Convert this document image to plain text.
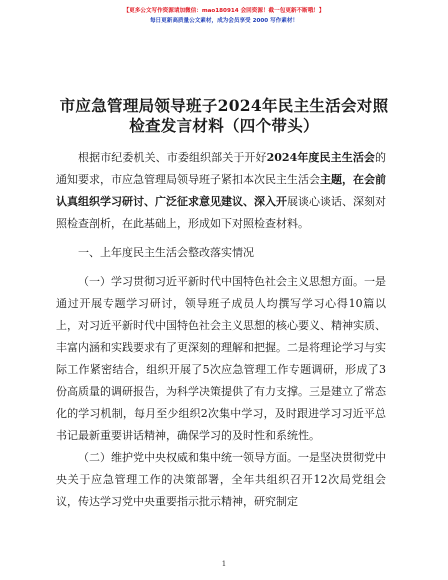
【更多公文写作资源请加微信：mao180914 会回资源！截一包更新不断哦！】
每日更新高质量公文素材，成为会员享受 2000 写作素材！
市应急管理局领导班子2024年民主生活会对照
检查发言材料（四个带头）

根据市纪委机关、市委组织部关于开好2024年度民主生活会的通知要求，市应急管理局领导班子紧扣本次民主生活会主题，在会前认真组织学习研讨、广泛征求意见建议、深入开展谈心谈话、深刻对照检查剖析，在此基础上，形成如下对照检查材料。

一、上年度民主生活会整改落实情况

（一）学习贯彻习近平新时代中国特色社会主义思想方面。一是通过开展专题学习研讨，领导班子成员人均撰写学习心得10篇以上，对习近平新时代中国特色社会主义思想的核心要义、精神实质、丰富内涵和实践要求有了更深刻的理解和把握。二是将理论学习与实际工作紧密结合，组织开展了5次应急管理工作专题调研，形成了3份高质量的调研报告，为科学决策提供了有力支撑。三是建立了常态化的学习机制，每月至少组织2次集中学习，及时跟进学习习近平总书记最新重要讲话精神，确保学习的及时性和系统性。

（二）维护党中央权威和集中统一领导方面。一是坚决贯彻党中央关于应急管理工作的决策部署，全年共组织召开12次局党组会议，传达学习党中央重要指示批示精神，研究制定

1
